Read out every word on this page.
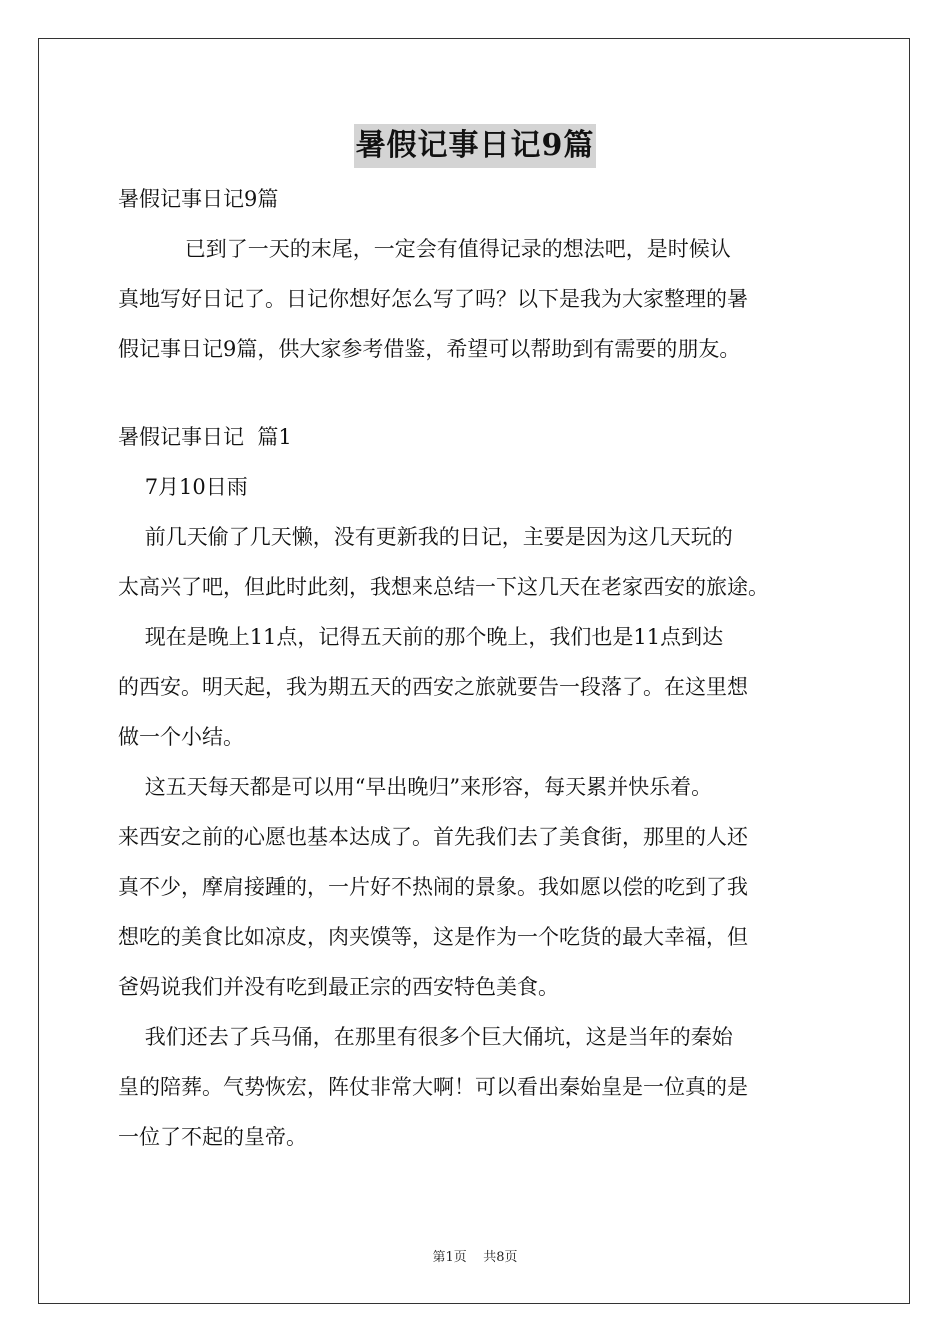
暑假记事日记9篇
暑假记事日记9篇
已到了一天的末尾，一定会有值得记录的想法吧，是时候认
真地写好日记了。日记你想好怎么写了吗？以下是我为大家整理的暑
假记事日记9篇，供大家参考借鉴，希望可以帮助到有需要的朋友。
暑假记事日记  篇1
7月10日雨
前几天偷了几天懒，没有更新我的日记，主要是因为这几天玩的
太高兴了吧，但此时此刻，我想来总结一下这几天在老家西安的旅途。
现在是晚上11点，记得五天前的那个晚上，我们也是11点到达
的西安。明天起，我为期五天的西安之旅就要告一段落了。在这里想
做一个小结。
这五天每天都是可以用“早出晚归”来形容，每天累并快乐着。
来西安之前的心愿也基本达成了。首先我们去了美食街，那里的人还
真不少，摩肩接踵的，一片好不热闹的景象。我如愿以偿的吃到了我
想吃的美食比如凉皮，肉夹馍等，这是作为一个吃货的最大幸福，但
爸妈说我们并没有吃到最正宗的西安特色美食。
我们还去了兵马俑，在那里有很多个巨大俑坑，这是当年的秦始
皇的陪葬。气势恢宏，阵仗非常大啊！可以看出秦始皇是一位真的是
一位了不起的皇帝。
第1页 共8页
